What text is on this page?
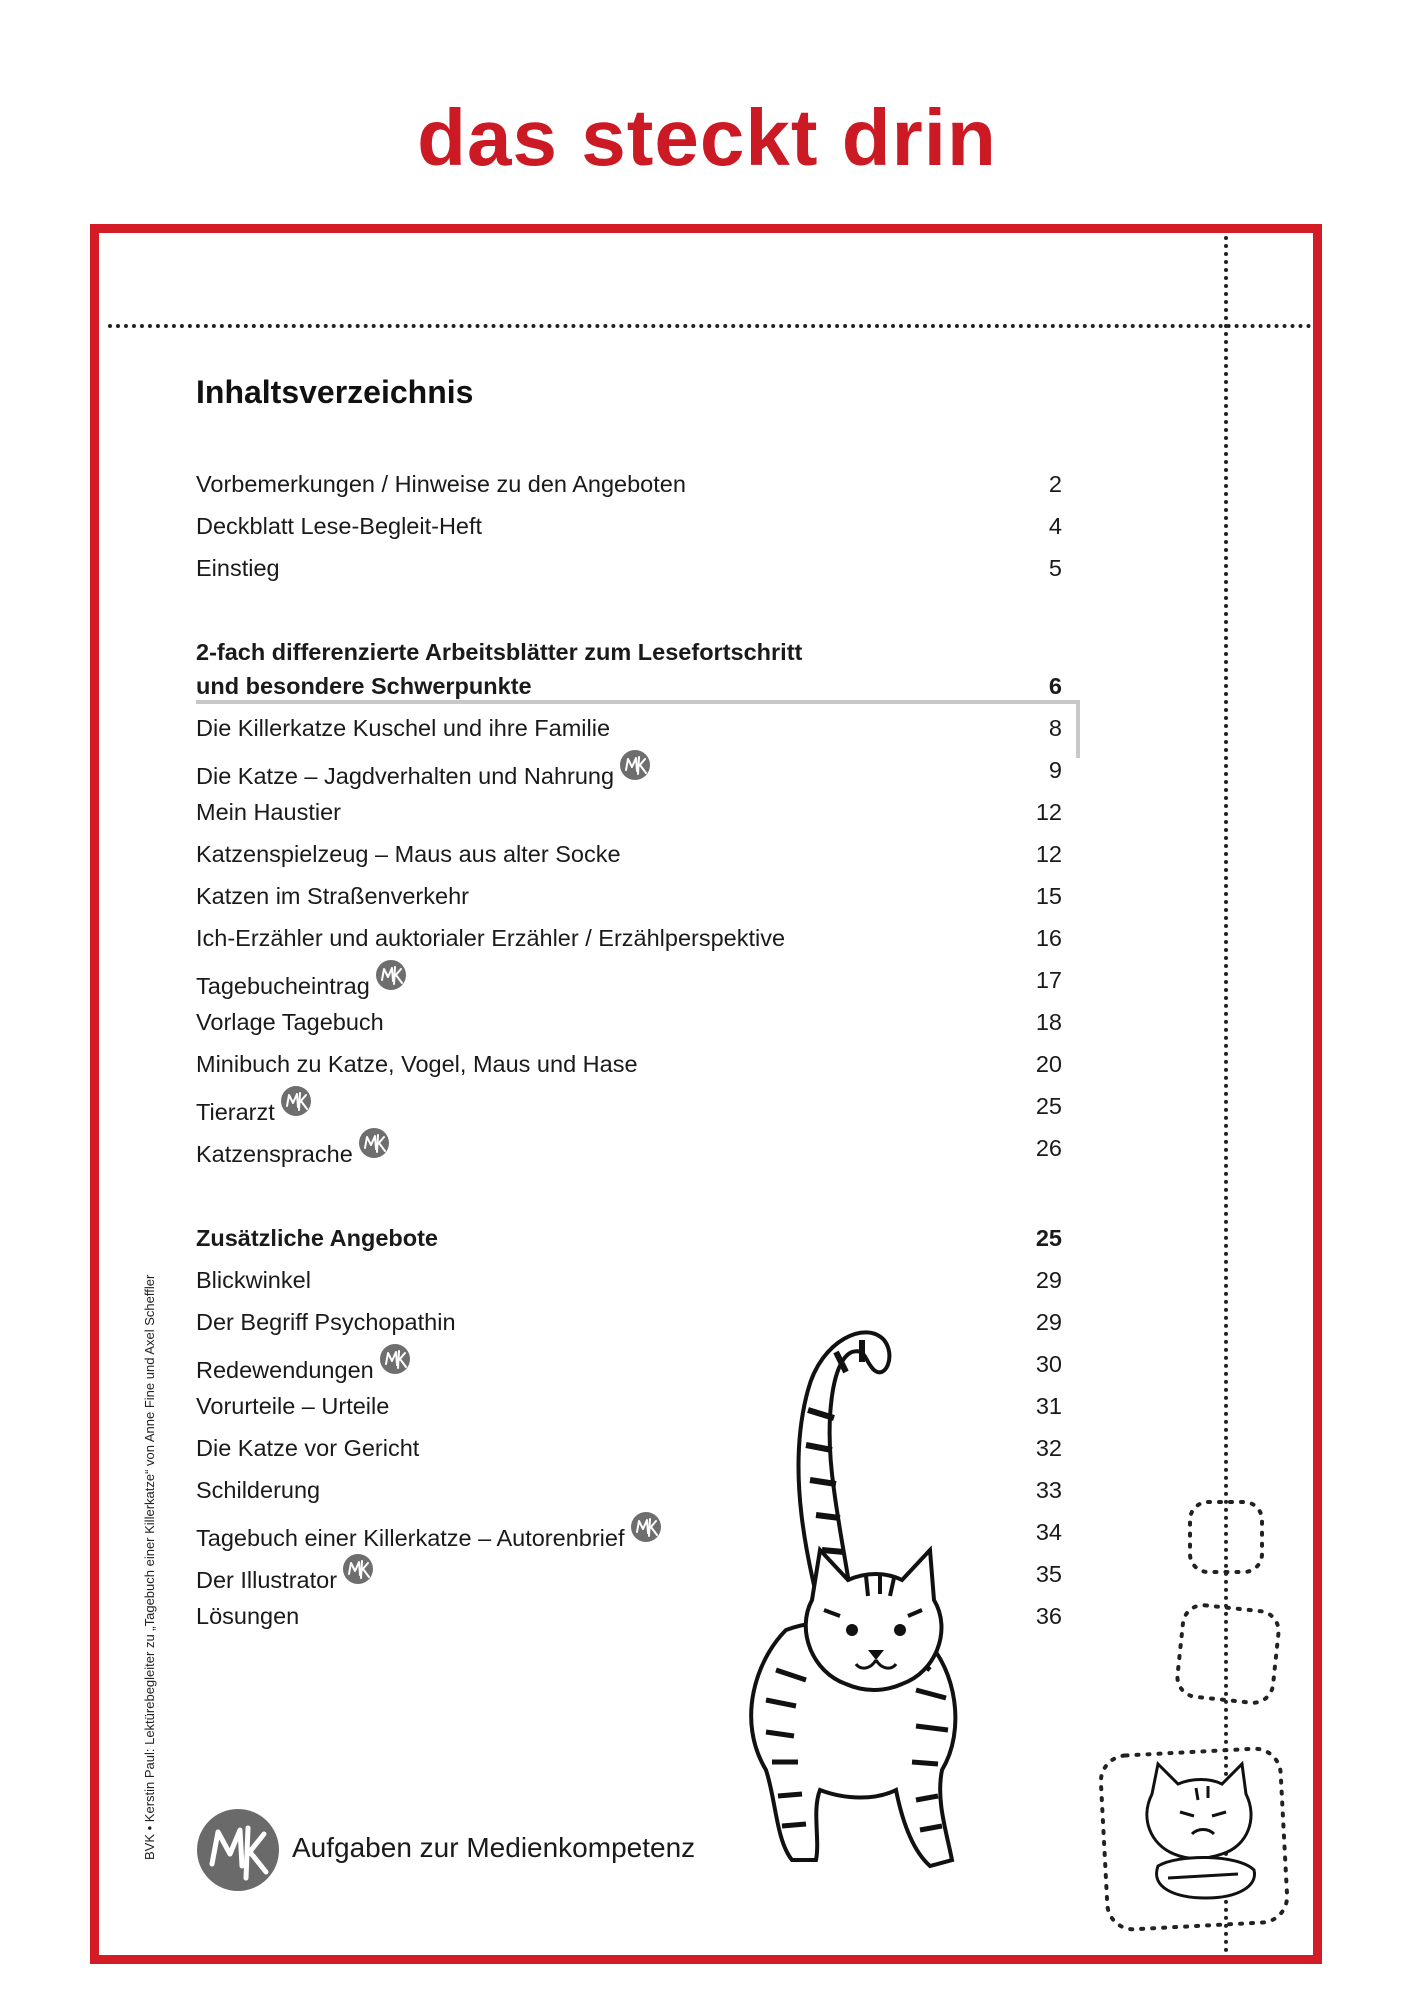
das steckt drin
Inhaltsverzeichnis
Vorbemerkungen / Hinweise zu den Angeboten	2
Deckblatt Lese-Begleit-Heft	4
Einstieg	5
2-fach differenzierte Arbeitsblätter zum Lesefortschritt
und besondere Schwerpunkte	6
Die Killerkatze Kuschel und ihre Familie	8
Die Katze – Jagdverhalten und Nahrung	9
Mein Haustier	12
Katzenspielzeug – Maus aus alter Socke	12
Katzen im Straßenverkehr	15
Ich-Erzähler und auktorialer Erzähler / Erzählperspektive	16
Tagebucheintrag	17
Vorlage Tagebuch	18
Minibuch zu Katze, Vogel, Maus und Hase	20
Tierarzt	25
Katzensprache	26
Zusätzliche Angebote	25
Blickwinkel	29
Der Begriff Psychopathin	29
Redewendungen	30
Vorurteile – Urteile	31
Die Katze vor Gericht	32
Schilderung	33
Tagebuch einer Killerkatze – Autorenbrief	34
Der Illustrator	35
Lösungen	36
BVK • Kerstin Paul: Lektürebegleiter zu „Tagebuch einer Killerkatze“ von Anne Fine und Axel Scheffler	Aufgaben zur Medienkompetenz
